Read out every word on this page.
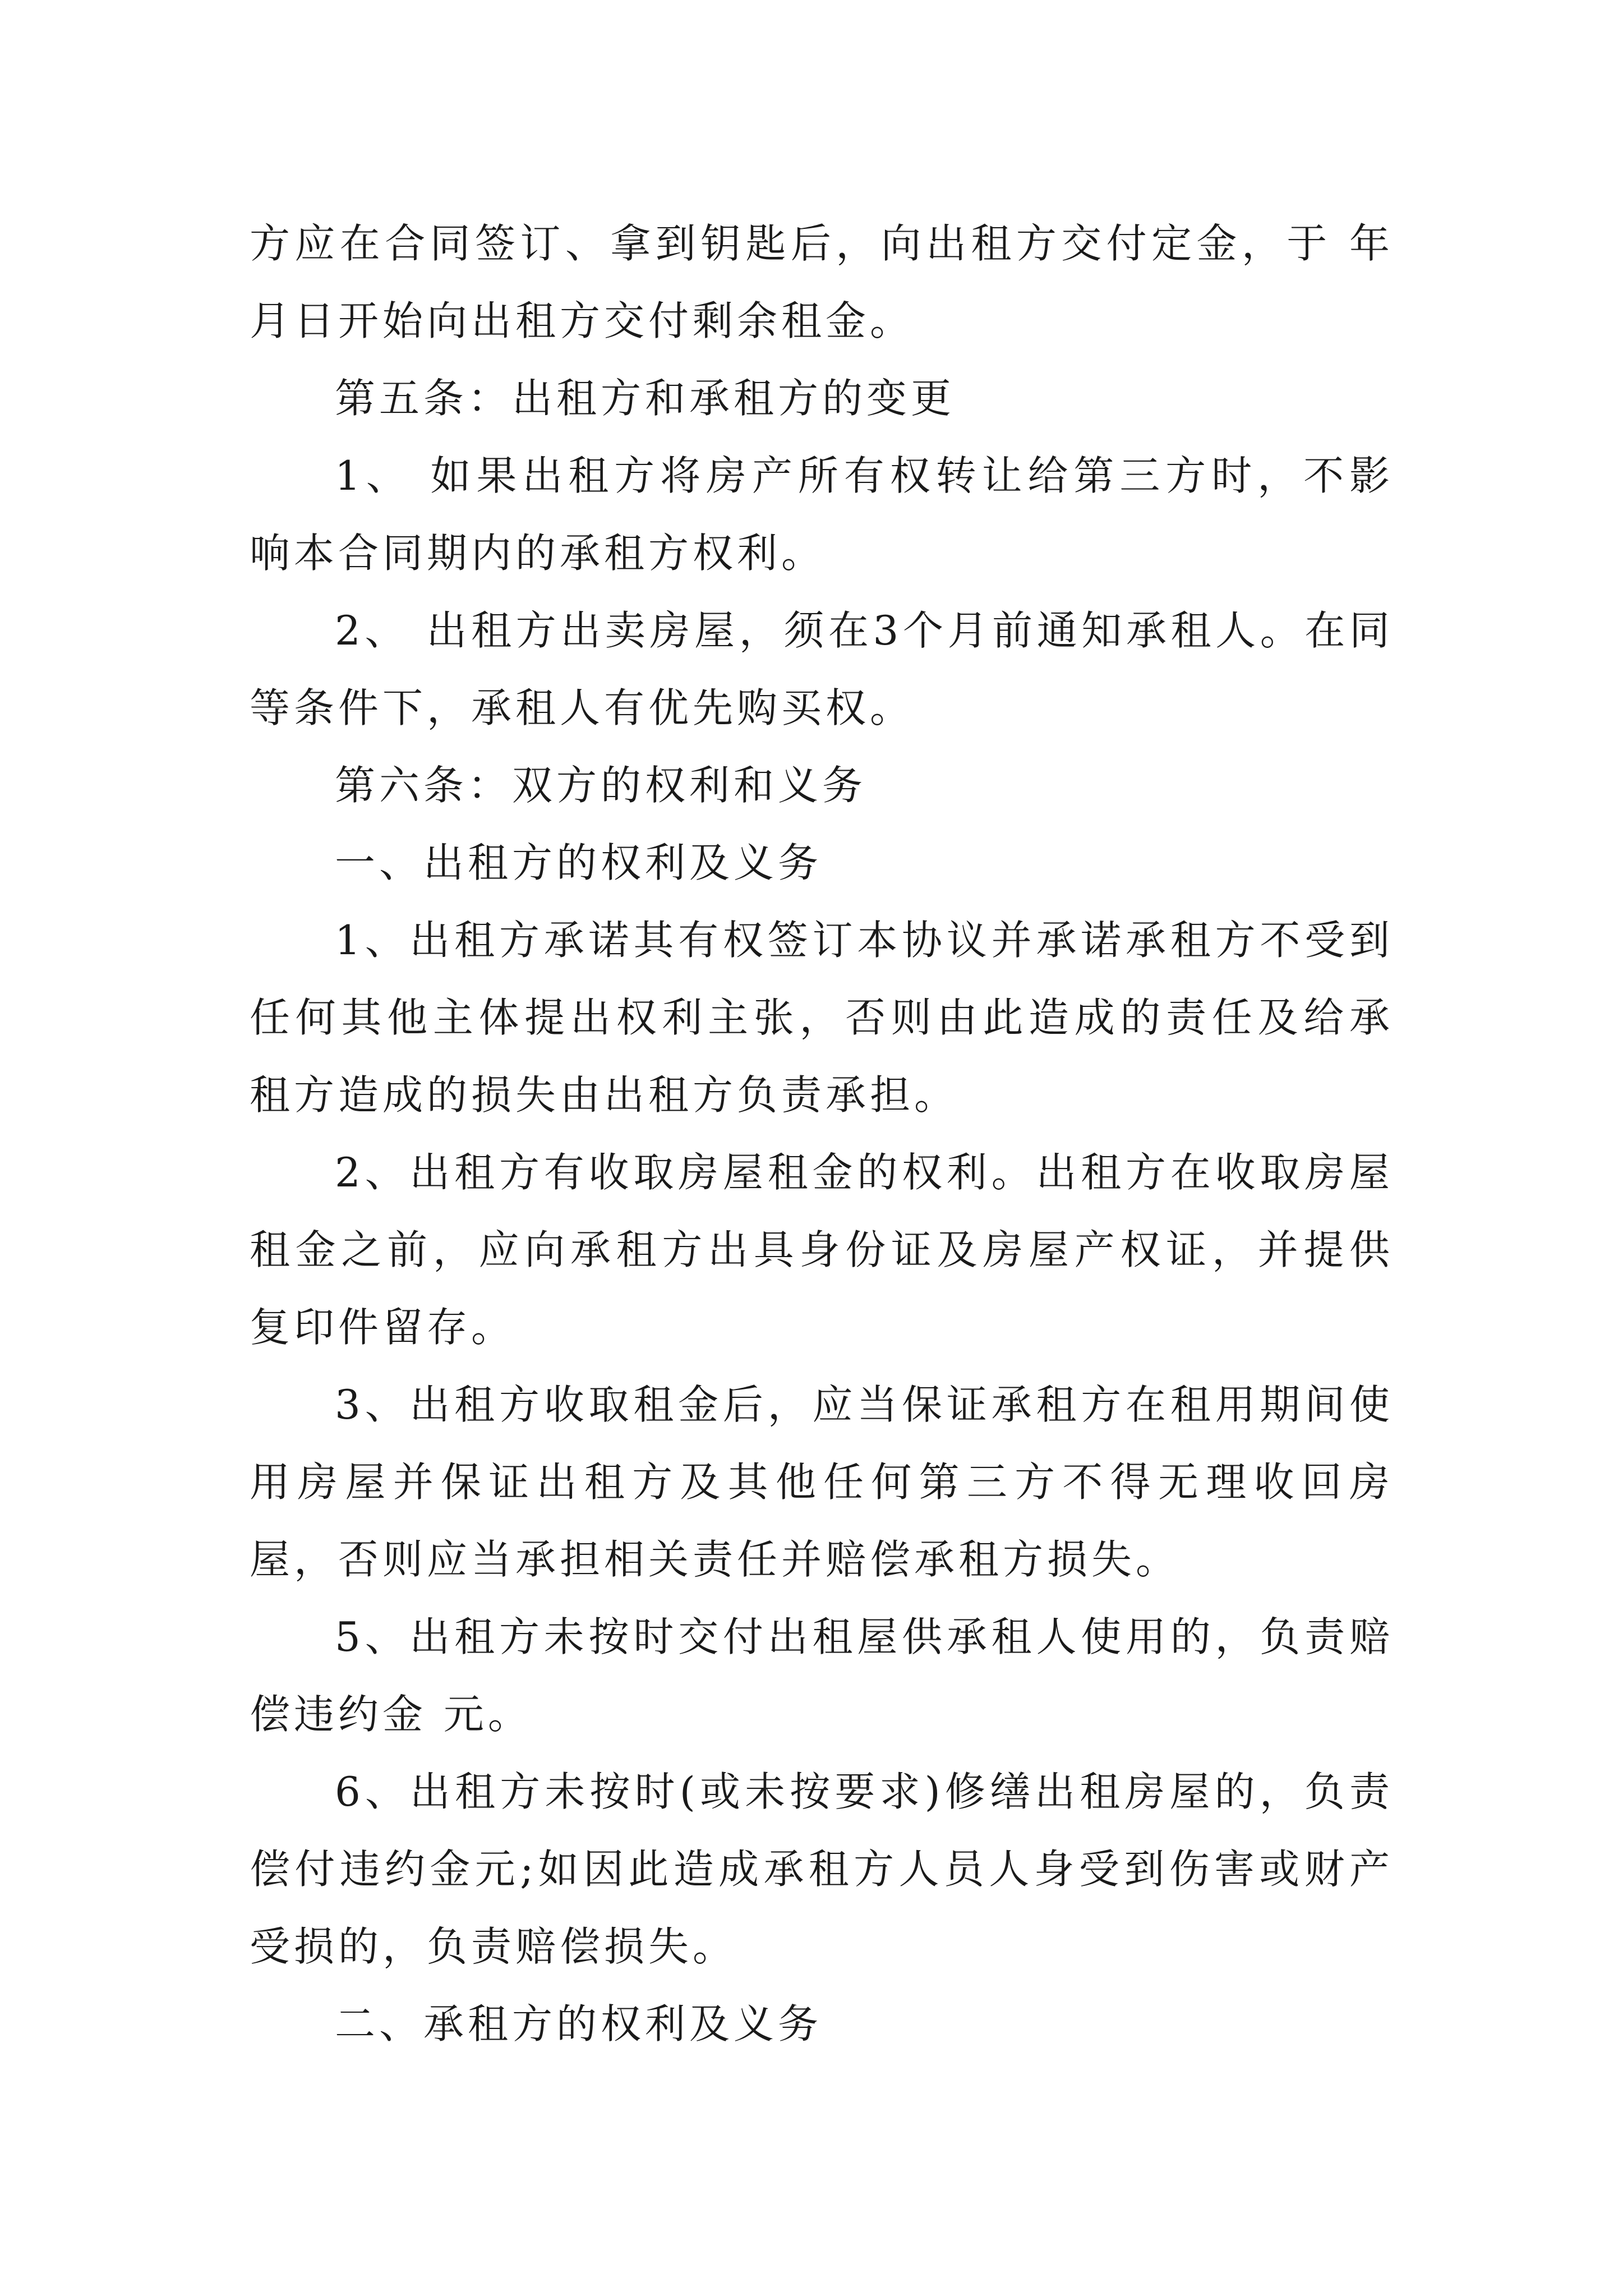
方应在合同签订、拿到钥匙后，向出租方交付定金，于 年月日开始向出租方交付剩余租金。

第五条：出租方和承租方的变更

1、 如果出租方将房产所有权转让给第三方时，不影响本合同期内的承租方权利。

2、 出租方出卖房屋，须在3个月前通知承租人。在同等条件下，承租人有优先购买权。

第六条：双方的权利和义务

一、出租方的权利及义务

1、出租方承诺其有权签订本协议并承诺承租方不受到任何其他主体提出权利主张，否则由此造成的责任及给承租方造成的损失由出租方负责承担。

2、出租方有收取房屋租金的权利。出租方在收取房屋租金之前，应向承租方出具身份证及房屋产权证，并提供复印件留存。

3、出租方收取租金后，应当保证承租方在租用期间使用房屋并保证出租方及其他任何第三方不得无理收回房屋，否则应当承担相关责任并赔偿承租方损失。

5、出租方未按时交付出租屋供承租人使用的，负责赔偿违约金 元。

6、出租方未按时(或未按要求)修缮出租房屋的，负责偿付违约金元;如因此造成承租方人员人身受到伤害或财产受损的，负责赔偿损失。

二、承租方的权利及义务
